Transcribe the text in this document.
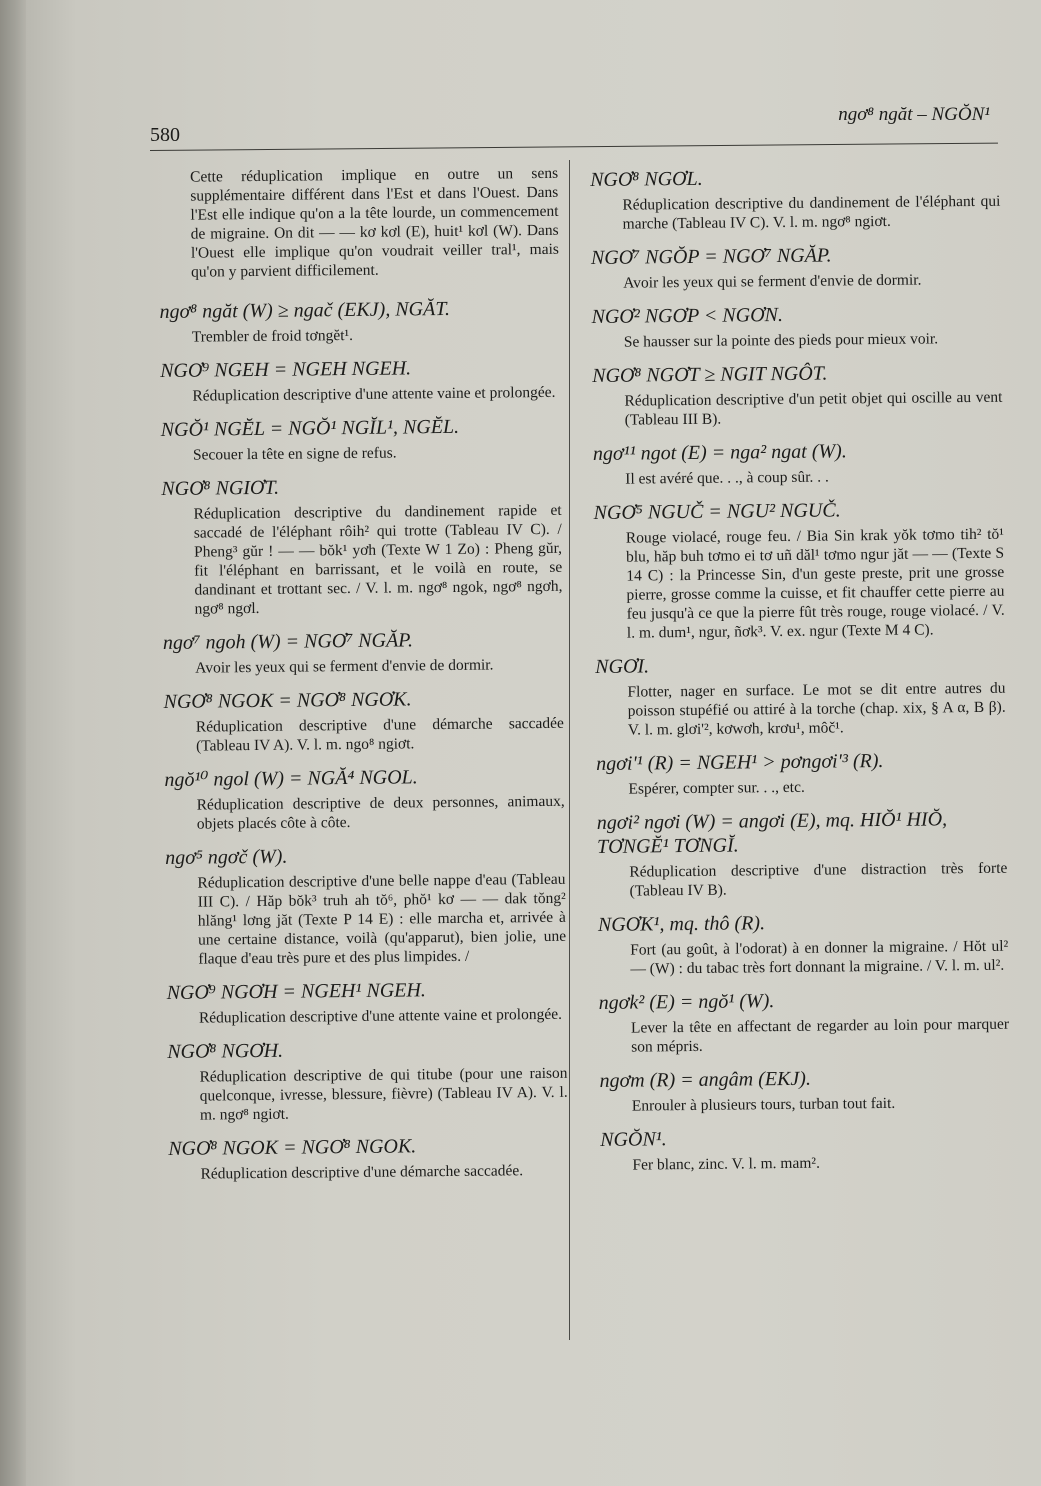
580
ngơ⁸ ngăt – NGŎN¹
Cette réduplication implique en outre un sens supplémentaire différent dans l'Est et dans l'Ouest. Dans l'Est elle indique qu'on a la tête lourde, un commencement de migraine. On dit — — kơ kơl (E), huit¹ kơl (W). Dans l'Ouest elle implique qu'on voudrait veiller tral¹, mais qu'on y parvient difficilement.
ngơ⁸ ngăt (W) ≥ ngač (EKJ), NGĂT.
Trembler de froid tơngĕt¹.
NGƠ⁹ NGEH = NGEH NGEH.
Réduplication descriptive d'une attente vaine et prolongée.
NGŎ¹ NGĔL = NGŎ¹ NGĬL¹, NGĔL.
Secouer la tête en signe de refus.
NGƠ⁸ NGIƠT.
Réduplication descriptive du dandinement rapide et saccadé de l'éléphant rôih² qui trotte (Tableau IV C). / Pheng³ gŭr ! — — bŏk¹ yơh (Texte W 1 Zo) : Pheng gŭr, fit l'éléphant en barrissant, et le voilà en route, se dandinant et trottant sec. / V. l. m. ngơ⁸ ngok, ngơ⁸ ngơh, ngơ⁸ ngơl.
ngơ⁷ ngoh (W) = NGƠ⁷ NGĂP.
Avoir les yeux qui se ferment d'envie de dormir.
NGƠ⁸ NGOK = NGƠ⁸ NGƠK.
Réduplication descriptive d'une démarche saccadée (Tableau IV A). V. l. m. ngo⁸ ngiơt.
ngŏ¹⁰ ngol (W) = NGĂ⁴ NGOL.
Réduplication descriptive de deux personnes, animaux, objets placés côte à côte.
ngơ⁵ ngơč (W).
Réduplication descriptive d'une belle nappe d'eau (Tableau III C). / Hăp bŏk³ truh ah tŏ⁶, phŏ¹ kơ — — dak tŏng² hlăng¹ lơng jăt (Texte P 14 E) : elle marcha et, arrivée à une certaine distance, voilà (qu'apparut), bien jolie, une flaque d'eau très pure et des plus limpides. /
NGƠ⁹ NGƠH = NGEH¹ NGEH.
Réduplication descriptive d'une attente vaine et prolongée.
NGƠ⁸ NGƠH.
Réduplication descriptive de qui titube (pour une raison quelconque, ivresse, blessure, fièvre) (Tableau IV A). V. l. m. ngơ⁸ ngiơt.
NGƠ⁸ NGOK = NGƠ⁸ NGOK.
Réduplication descriptive d'une démarche saccadée.
NGƠ⁸ NGƠL.
Réduplication descriptive du dandinement de l'éléphant qui marche (Tableau IV C). V. l. m. ngơ⁸ ngiơt.
NGƠ⁷ NGŎP = NGƠ⁷ NGĂP.
Avoir les yeux qui se ferment d'envie de dormir.
NGƠ² NGƠP < NGƠN.
Se hausser sur la pointe des pieds pour mieux voir.
NGƠ⁸ NGƠT ≥ NGIT NGÔT.
Réduplication descriptive d'un petit objet qui oscille au vent (Tableau III B).
ngơ¹¹ ngot (E) = nga² ngat (W).
Il est avéré que. . ., à coup sûr. . .
NGƠ⁵ NGUČ = NGU² NGUČ.
Rouge violacé, rouge feu. / Bia Sin krak yŏk tơmo tih² tŏ¹ blu, hăp buh tơmo ei tơ uñ dăl¹ tơmo ngur jăt — — (Texte S 14 C) : la Princesse Sin, d'un geste preste, prit une grosse pierre, grosse comme la cuisse, et fit chauffer cette pierre au feu jusqu'à ce que la pierre fût très rouge, rouge violacé. / V. l. m. dum¹, ngur, ñơk³. V. ex. ngur (Texte M 4 C).
NGƠI.
Flotter, nager en surface. Le mot se dit entre autres du poisson stupéfié ou attiré à la torche (chap. xix, § A α, B β). V. l. m. glơi'², kơwơh, krơu¹, môč¹.
ngơi'¹ (R) = NGEH¹ > pơngơi'³ (R).
Espérer, compter sur. . ., etc.
ngơi² ngơi (W) = angơi (E), mq. HIŎ¹ HIŎ, TƠNGĔ¹ TƠNGĬ.
Réduplication descriptive d'une distraction très forte (Tableau IV B).
NGƠK¹, mq. thô (R).
Fort (au goût, à l'odorat) à en donner la migraine. / Hŏt ul² — (W) : du tabac très fort donnant la migraine. / V. l. m. ul².
ngơk² (E) = ngŏ¹ (W).
Lever la tête en affectant de regarder au loin pour marquer son mépris.
ngơm (R) = angâm (EKJ).
Enrouler à plusieurs tours, turban tout fait.
NGŎN¹.
Fer blanc, zinc. V. l. m. mam².
